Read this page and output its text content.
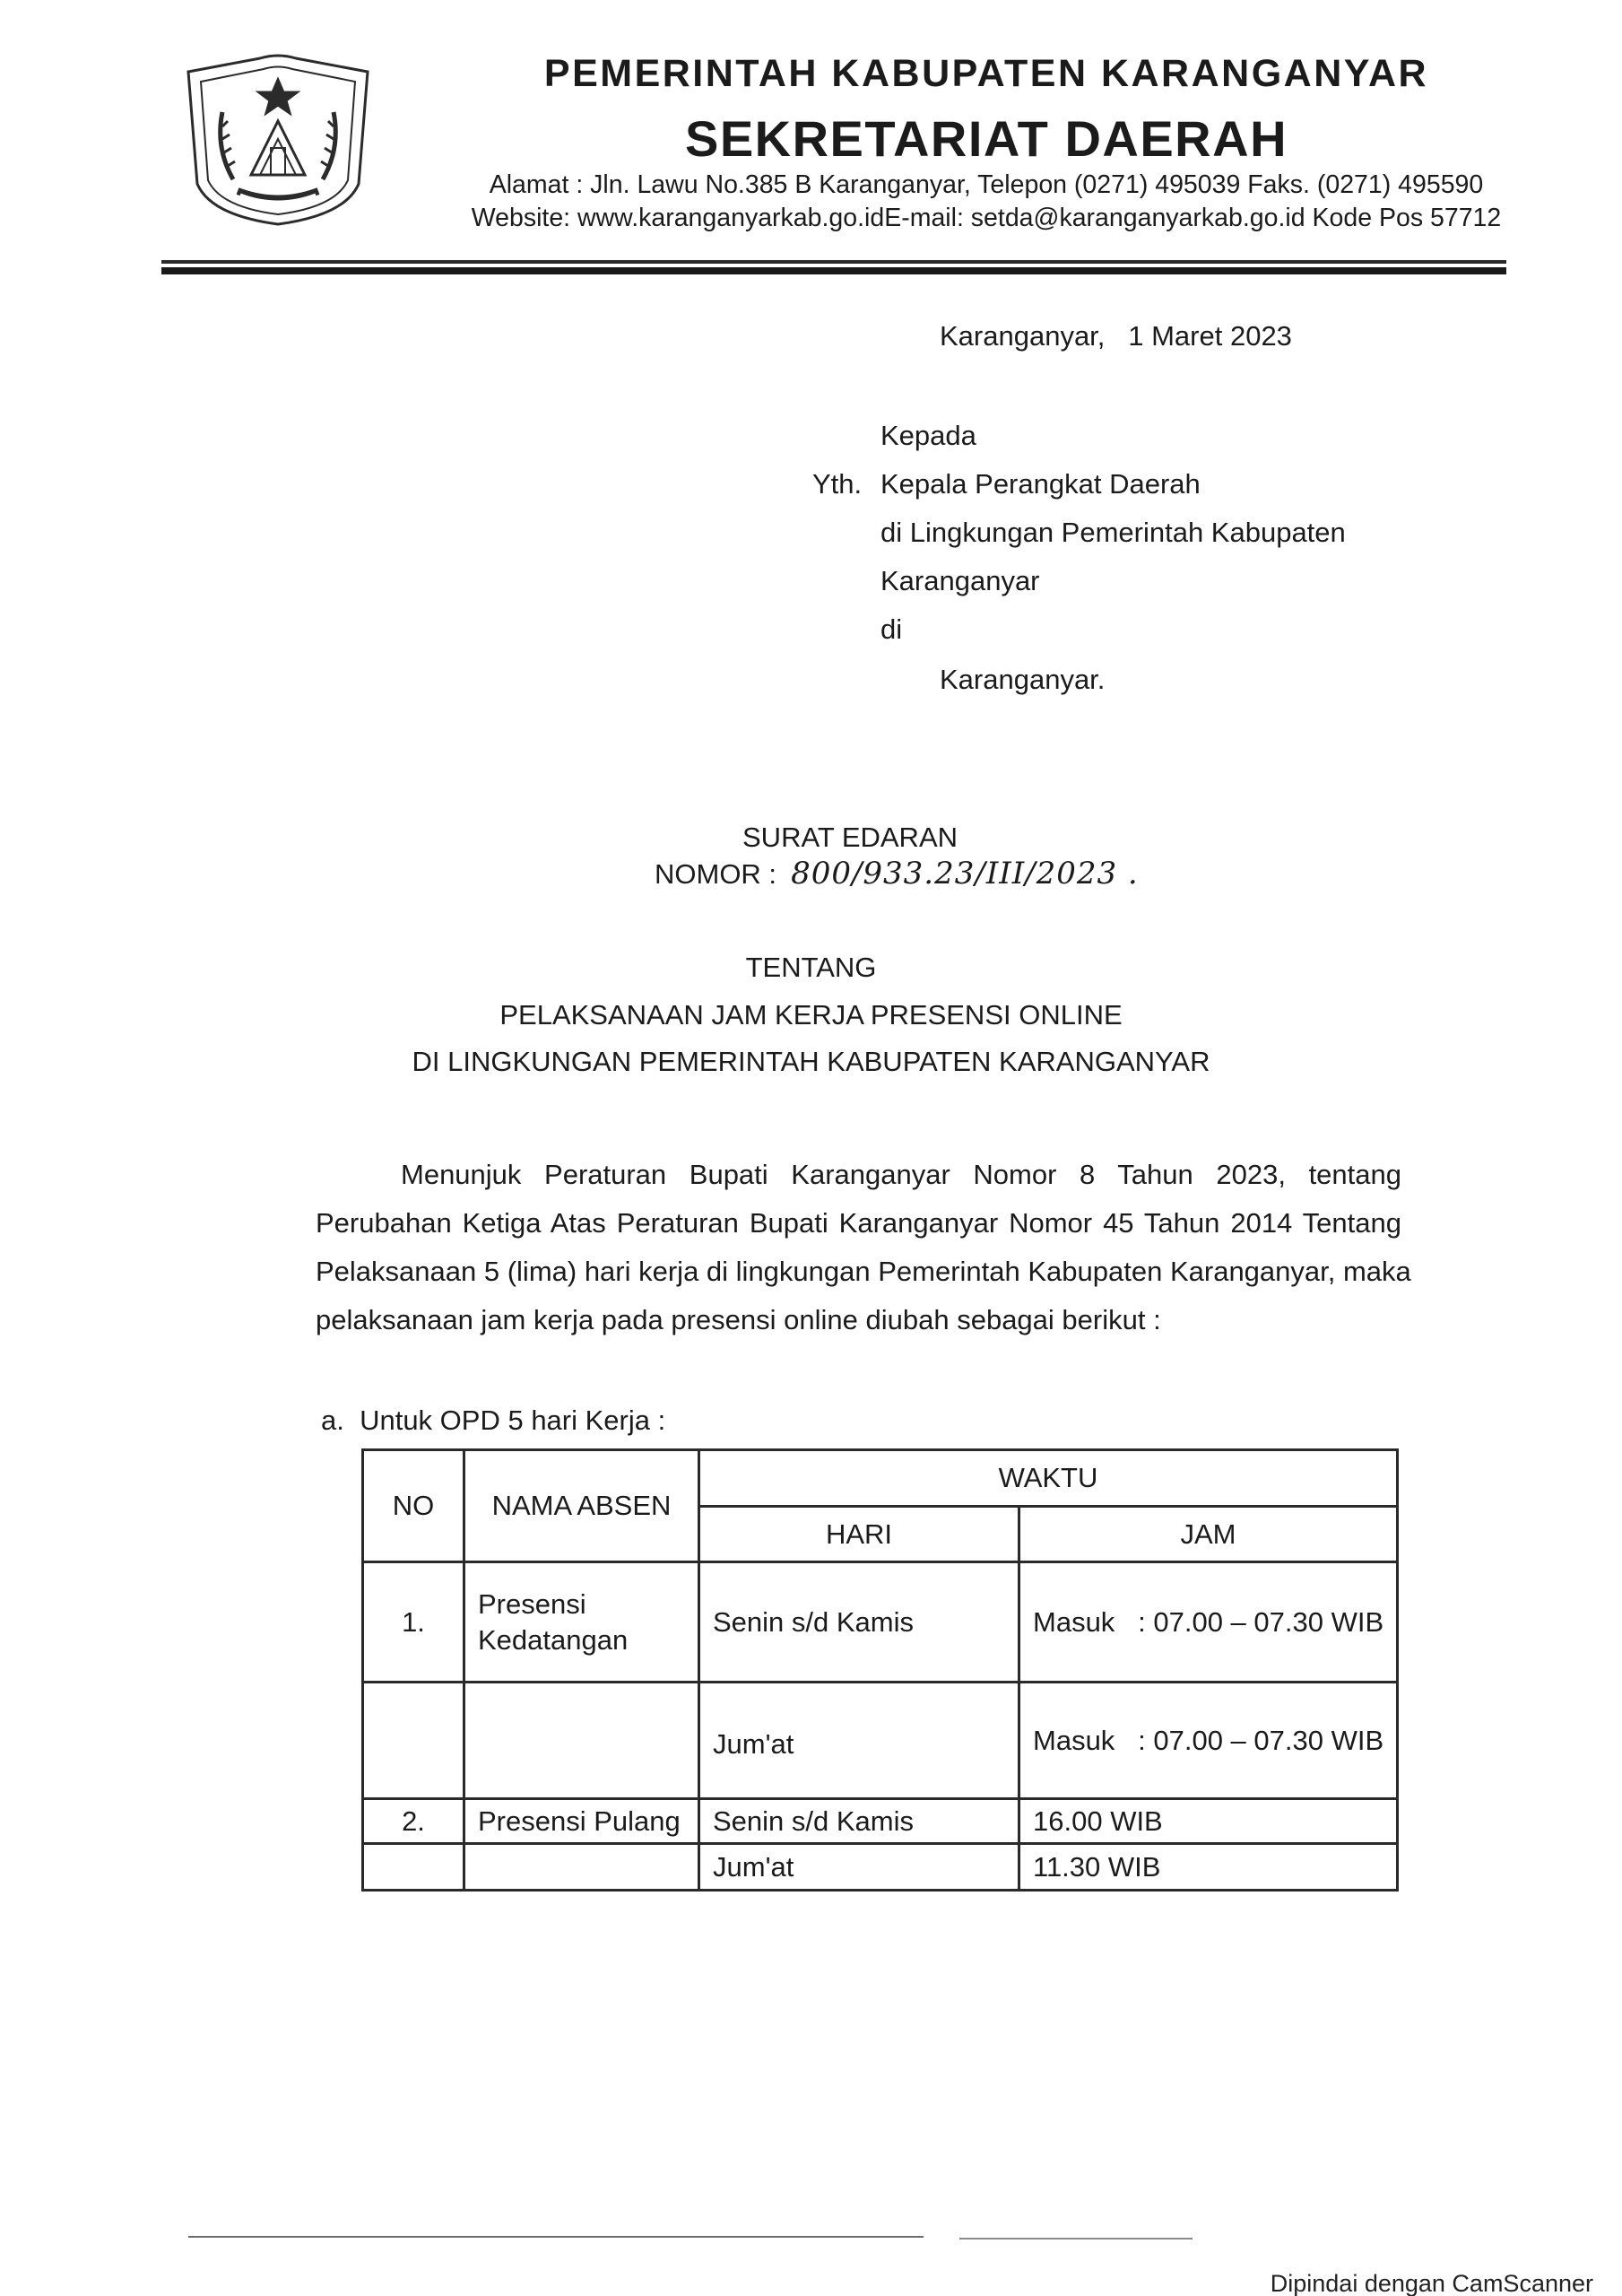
PEMERINTAH KABUPATEN KARANGANYAR
SEKRETARIAT DAERAH
Alamat : Jln. Lawu No.385 B Karanganyar, Telepon (0271) 495039 Faks. (0271) 495590
Website: www.karanganyarkab.go.idE-mail: setda@karanganyarkab.go.id Kode Pos 57712
Karanganyar,   1 Maret 2023
Kepada
Yth. Kepala Perangkat Daerah
di Lingkungan Pemerintah Kabupaten
Karanganyar
di
Karanganyar.
SURAT EDARAN
NOMOR : 800/933.23/III/2023 .
TENTANG
PELAKSANAAN JAM KERJA PRESENSI ONLINE
DI LINGKUNGAN PEMERINTAH KABUPATEN KARANGANYAR
Menunjuk Peraturan Bupati Karanganyar Nomor 8 Tahun 2023, tentang
Perubahan Ketiga Atas Peraturan Bupati Karanganyar Nomor 45 Tahun 2014 Tentang
Pelaksanaan 5 (lima) hari kerja di lingkungan Pemerintah Kabupaten Karanganyar, maka
pelaksanaan jam kerja pada presensi online diubah sebagai berikut :
a.  Untuk OPD 5 hari Kerja :
NO	NAMA ABSEN	WAKTU	
		HARI	JAM
1.	Presensi Kedatangan	Senin s/d Kamis	Masuk   : 07.00 – 07.30 WIB
		Jum'at	Masuk   : 07.00 – 07.30 WIB
2.	Presensi Pulang	Senin s/d Kamis	16.00 WIB
		Jum'at	11.30 WIB
Dipindai dengan CamScanner
